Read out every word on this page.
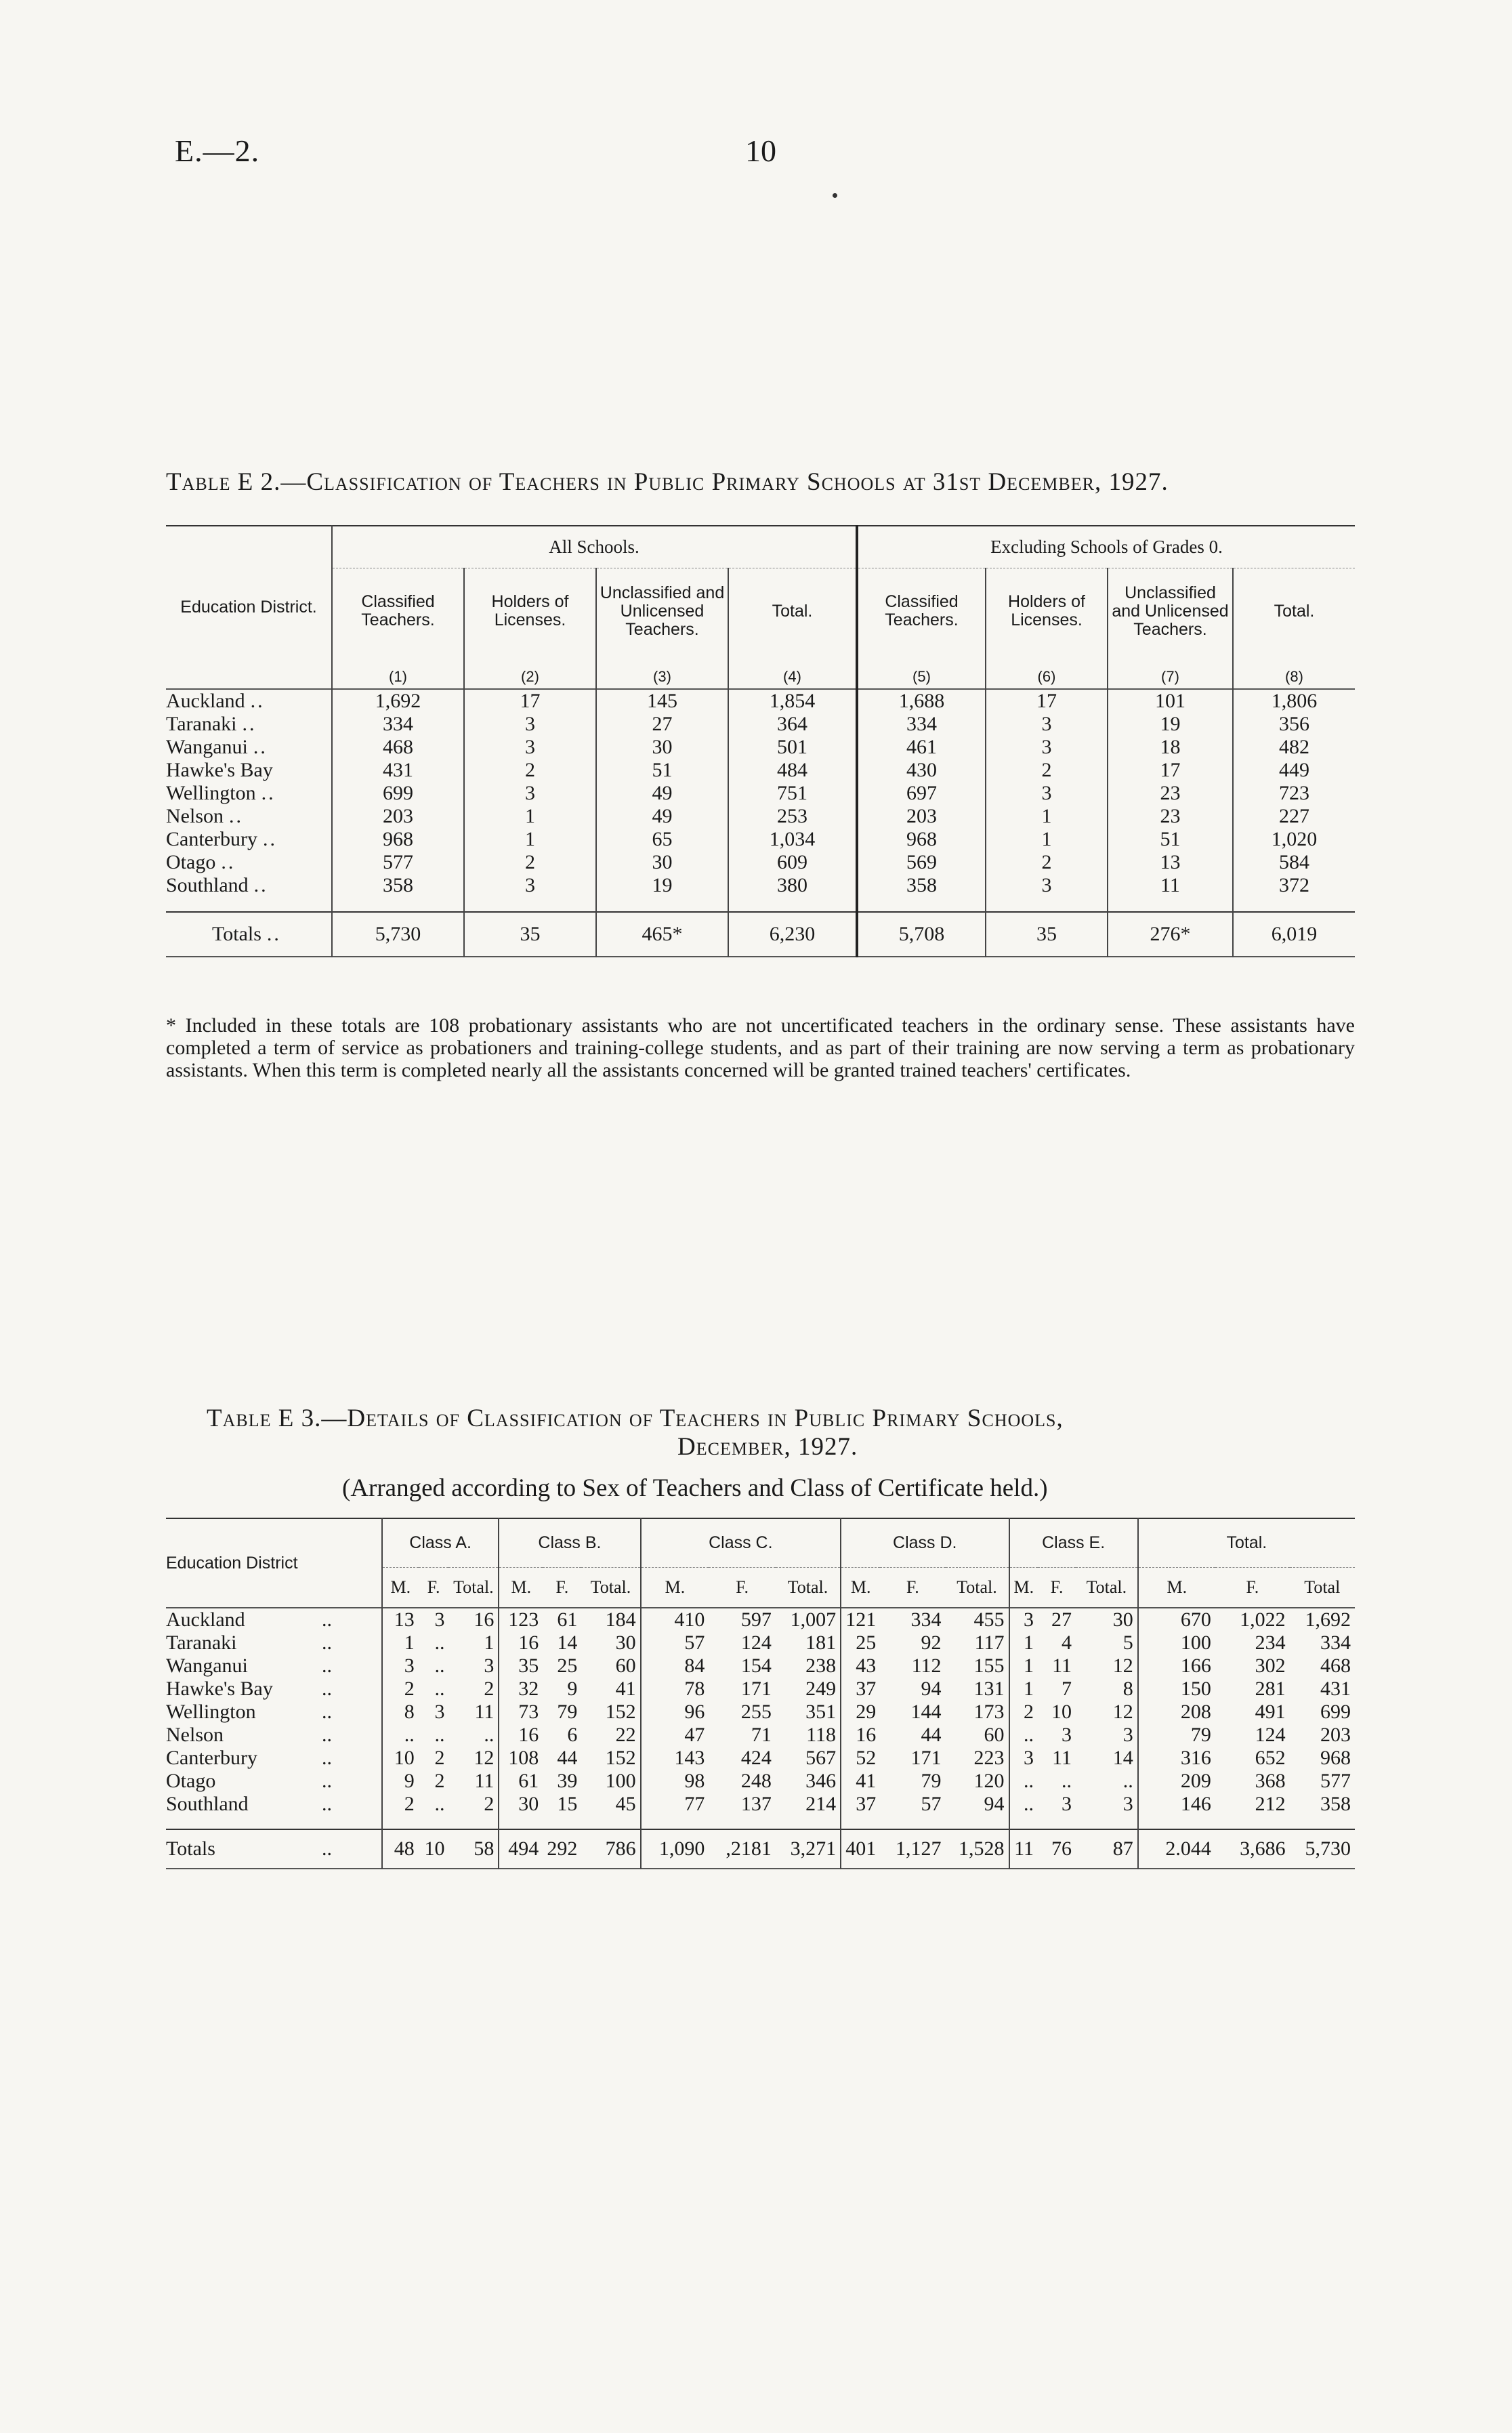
E.—2.	10
Table E 2.—Classification of Teachers in Public Primary Schools at 31st December, 1927.
Education District.	All Schools.				Excluding Schools of Grades 0.			
	Classified Teachers.	Holders of Licenses.	Unclassified and Unlicensed Teachers.	Total.	Classified Teachers.	Holders of Licenses.	Unclassified and Unlicensed Teachers.	Total.
	(1)	(2)	(3)	(4)	(5)	(6)	(7)	(8)
Auckland ..	1,692	17	145	1,854	1,688	17	101	1,806
Taranaki ..	334	3	27	364	334	3	19	356
Wanganui ..	468	3	30	501	461	3	18	482
Hawke's Bay	431	2	51	484	430	2	17	449
Wellington ..	699	3	49	751	697	3	23	723
Nelson ..	203	1	49	253	203	1	23	227
Canterbury ..	968	1	65	1,034	968	1	51	1,020
Otago ..	577	2	30	609	569	2	13	584
Southland ..	358	3	19	380	358	3	11	372

Totals ..	5,730	35	465*	6,230	5,708	35	276*	6,019
* Included in these totals are 108 probationary assistants who are not uncertificated teachers in the ordinary sense. These assistants have completed a term of service as probationers and training-college students, and as part of their training are now serving a term as probationary assistants. When this term is completed nearly all the assistants concerned will be granted trained teachers' certificates.
Table E 3.—Details of Classification of Teachers in Public Primary Schools,
December, 1927.
(Arranged according to Sex of Teachers and Class of Certificate held.)
Education District	Class A.			Class B.			Class C.			Class D.			Class E.			Total.		
	M.	F.	Total.	M.	F.	Total.	M.	F.	Total.	M.	F.	Total.	M.	F.	Total.	M.	F.	Total
Auckland ..	13	3	16	123	61	184	410	597	1,007	121	334	455	3	27	30	670	1,022	1,692
Taranaki ..	1	..	1	16	14	30	57	124	181	25	92	117	1	4	5	100	234	334
Wanganui ..	3	..	3	35	25	60	84	154	238	43	112	155	1	11	12	166	302	468
Hawke's Bay ..	2	..	2	32	9	41	78	171	249	37	94	131	1	7	8	150	281	431
Wellington ..	8	3	11	73	79	152	96	255	351	29	144	173	2	10	12	208	491	699
Nelson ..	..	..	..	16	6	22	47	71	118	16	44	60	..	3	3	79	124	203
Canterbury ..	10	2	12	108	44	152	143	424	567	52	171	223	3	11	14	316	652	968
Otago ..	9	2	11	61	39	100	98	248	346	41	79	120	..	..	..	209	368	577
Southland ..	2	..	2	30	15	45	77	137	214	37	57	94	..	3	3	146	212	358

Totals ..	48	10	58	494	292	786	1,090	,2181	3,271	401	1,127	1,528	11	76	87	2.044	3,686	5,730
